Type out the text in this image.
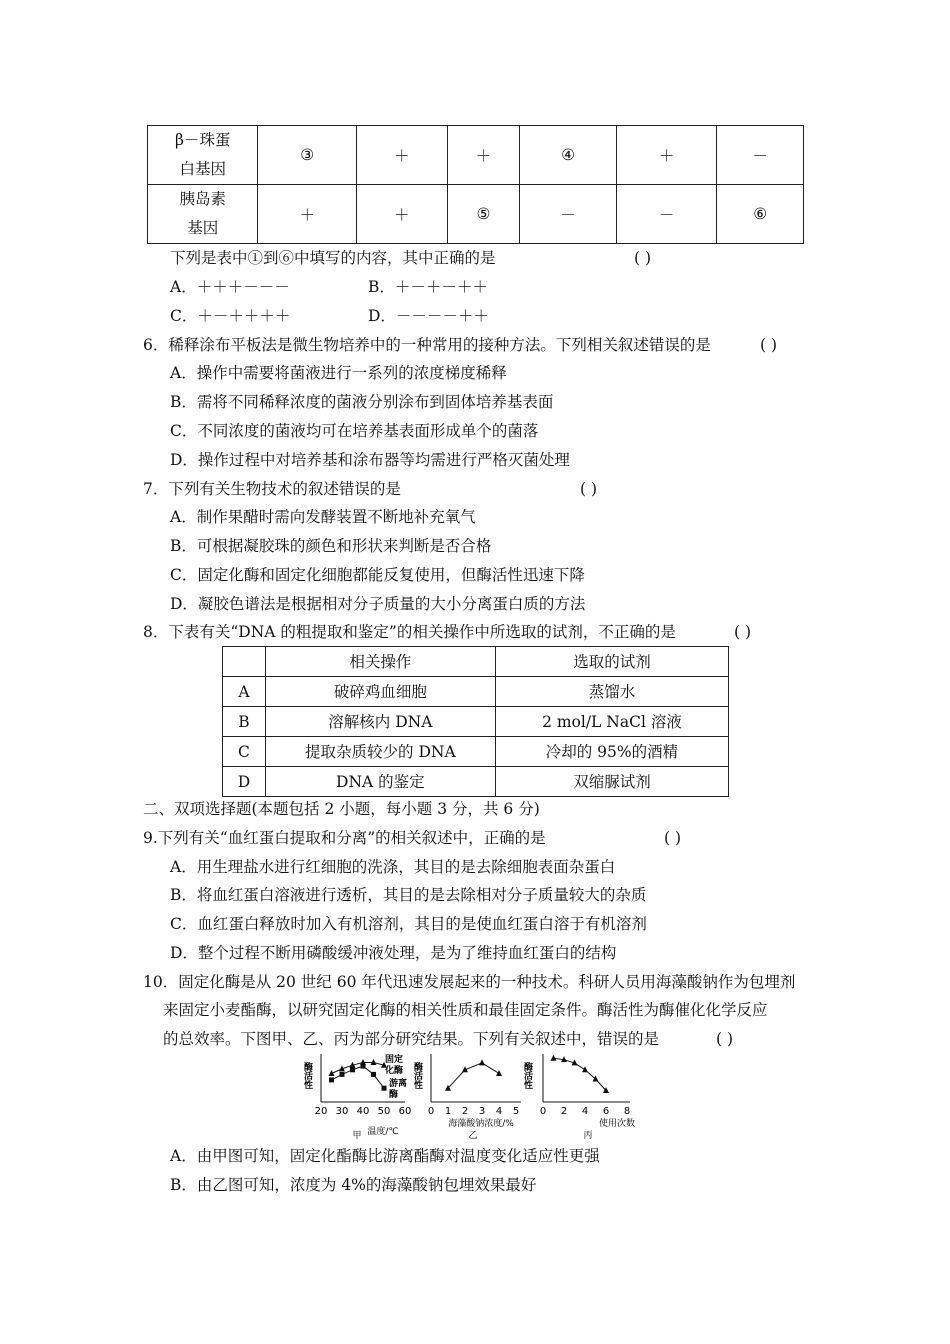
β－珠蛋
白基因	③	＋	＋	④	＋	－
胰岛素
基因	＋	＋	⑤	－	－	⑥
下列是表中①到⑥中填写的内容，其中正确的是	( )
A．＋＋＋－－－	B．＋－＋－＋＋
C．＋－＋＋＋＋	D．－－－－＋＋
6．稀释涂布平板法是微生物培养中的一种常用的接种方法。下列相关叙述错误的是	( )
A．操作中需要将菌液进行一系列的浓度梯度稀释
B．需将不同稀释浓度的菌液分别涂布到固体培养基表面
C．不同浓度的菌液均可在培养基表面形成单个的菌落
D．操作过程中对培养基和涂布器等均需进行严格灭菌处理
7．下列有关生物技术的叙述错误的是	( )
A．制作果醋时需向发酵装置不断地补充氧气
B．可根据凝胶珠的颜色和形状来判断是否合格
C．固定化酶和固定化细胞都能反复使用，但酶活性迅速下降
D．凝胶色谱法是根据相对分子质量的大小分离蛋白质的方法
8．下表有关“DNA 的粗提取和鉴定”的相关操作中所选取的试剂，不正确的是	( )
	相关操作	选取的试剂
A	破碎鸡血细胞	蒸馏水
B	溶解核内 DNA	2 mol/L NaCl 溶液
C	提取杂质较少的 DNA	冷却的 95%的酒精
D	DNA 的鉴定	双缩脲试剂
二、双项选择题(本题包括 2 小题，每小题 3 分，共 6 分)
9.下列有关“血红蛋白提取和分离”的相关叙述中，正确的是	( )
A．用生理盐水进行红细胞的洗涤，其目的是去除细胞表面杂蛋白
B．将血红蛋白溶液进行透析，其目的是去除相对分子质量较大的杂质
C．血红蛋白释放时加入有机溶剂，其目的是使血红蛋白溶于有机溶剂
D．整个过程不断用磷酸缓冲液处理，是为了维持血红蛋白的结构
10．固定化酶是从 20 世纪 60 年代迅速发展起来的一种技术。科研人员用海藻酸钠作为包埋剂
来固定小麦酯酶，以研究固定化酶的相关性质和最佳固定条件。酶活性为酶催化化学反应
的总效率。下图甲、乙、丙为部分研究结果。下列有关叙述中，错误的是	( )
酶活性
固定
化酶
游离
酶
20 30 40 50 60
温度/℃
甲
酶活性
0 1 2 3 4 5
海藻酸钠浓度/%
乙
酶活性
0 2 4 6 8
使用次数
丙
A．由甲图可知，固定化酯酶比游离酯酶对温度变化适应性更强
B．由乙图可知，浓度为 4%的海藻酸钠包埋效果最好
